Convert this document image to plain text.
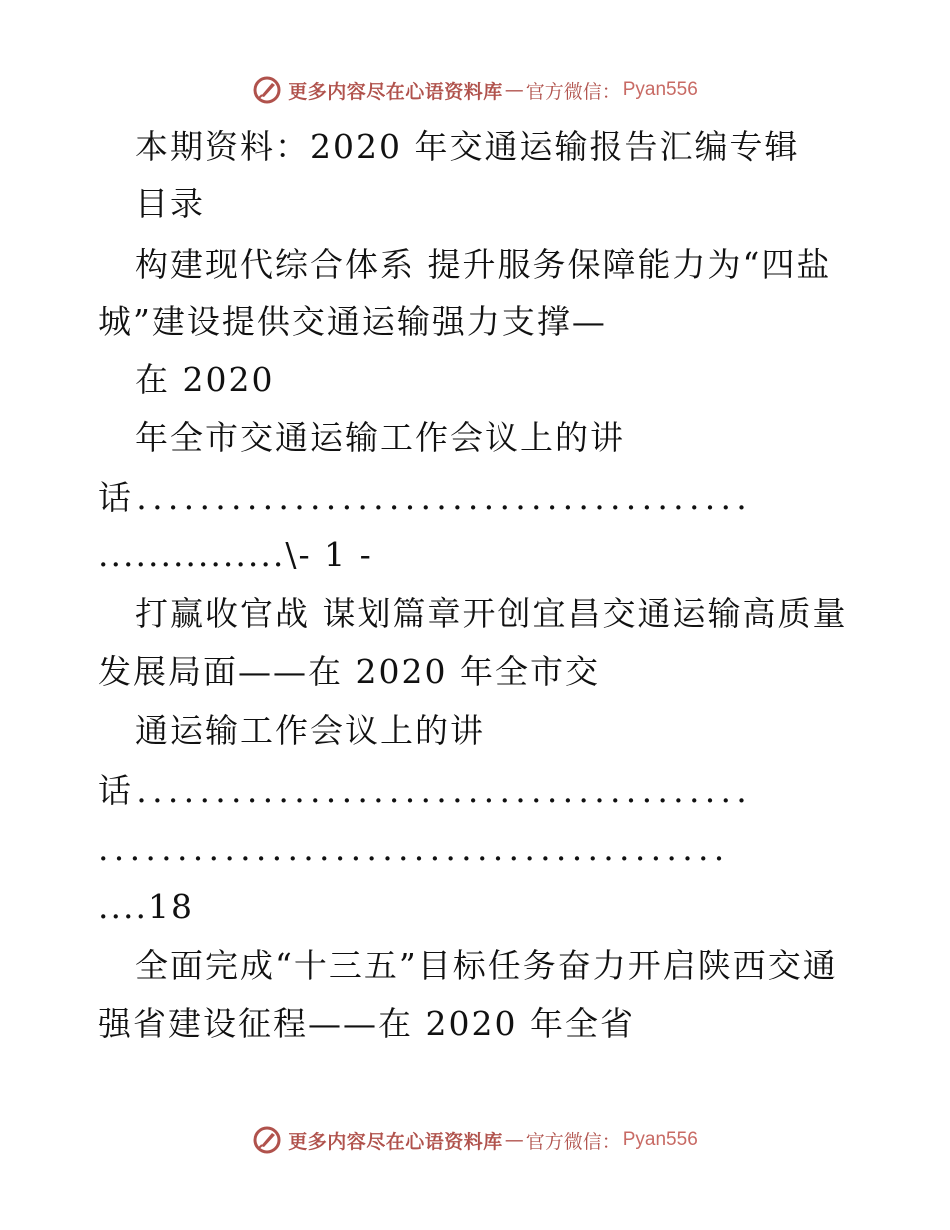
更多内容尽在心语资料库 — 官方微信： Pyan556
本期资料：2020 年交通运输报告汇编专辑
目录
构建现代综合体系 提升服务保障能力为“四盐
城”建设提供交通运输强力支撑—
在 2020
年全市交通运输工作会议上的讲
话.......................................
...............\- 1 -
打赢收官战 谋划篇章开创宜昌交通运输高质量
发展局面——在 2020 年全市交
通运输工作会议上的讲
话.......................................
........................................
....18
全面完成“十三五”目标任务奋力开启陕西交通
强省建设征程——在 2020 年全省
更多内容尽在心语资料库 — 官方微信： Pyan556
